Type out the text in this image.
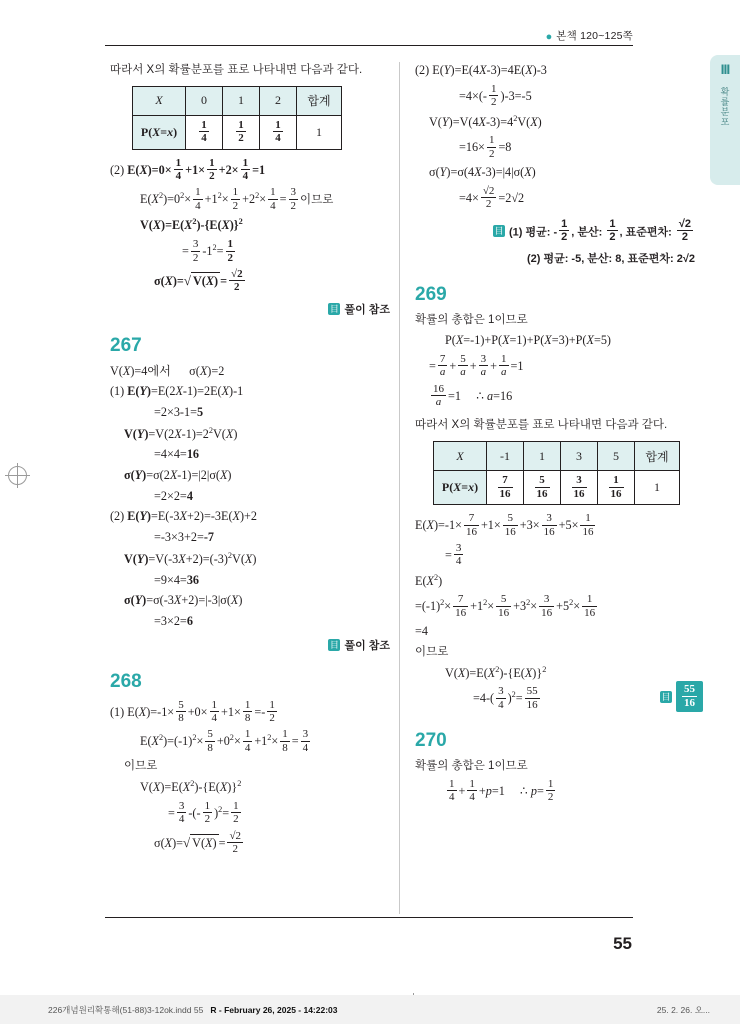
● 본책 120~125쪽
III
확률분포
따라서 X의 확률분포를 표로 나타내면 다음과 같다.
X	0	1	2	합계
P(X=x)	$\frac{1}{4}$	$\frac{1}{2}$	$\frac{1}{4}$	1
(2) $E(X)=0\times \frac{1}{4} +1\times \frac{1}{2} +2\times \frac{1}{4} =1$
$E(X^2)=0^2\times \frac{1}{4} +1^2\times \frac{1}{2} +2^2\times \frac{1}{4} = \frac{3}{2}$ 이므로
$V(X)=E(X^2)-\{E(X)\}^2$
= $\frac{3}{2} -1^2= \frac{1}{2}$
σ(X)=√ $V(X) = \frac{√2}{2}$
目 풀이 참조
267
V(X)=4에서      σ(X)=2
(1) E(Y)=E(2X-1)=2E(X)-1
=2×3-1=5
$V(Y)=V(2X-1)=2^2V(X)$
=4×4=16
σ(Y)=σ(2X-1)=|2|σ(X)
=2×2=4
(2) E(Y)=E(-3X+2)=-3E(X)+2
=-3×3+2=-7
$V(Y)=V(-3X+2)=(-3)^2V(X)$
=9×4=36
σ(Y)=σ(-3X+2)=|-3|σ(X)
=3×2=6
目 풀이 참조
268
(1) $E(X)=-1\times \frac{5}{8} +0\times \frac{1}{4} +1\times \frac{1}{8} =- \frac{1}{2}$
$E(X^2)=(-1)^2\times \frac{5}{8} +0^2\times \frac{1}{4} +1^2\times \frac{1}{8} = \frac{3}{4}$
이므로
$V(X)=E(X^2)-\{E(X)\}^2$
= $\frac{3}{4}$ -(- $\frac{1}{2} )^2= \frac{1}{2}$
σ(X)=√ $V(X) = \frac{√2}{2}$
(2) E(Y)=E(4X-3)=4E(X)-3
$=4\times(- \frac{1}{2} )-3=-5$
$V(Y)=V(4X-3)=4^2V(X)$
$=16\times \frac{1}{2} =8$
σ(Y)=σ(4X-3)=|4|σ(X)
$=4\times \frac{√2}{2} =2√2$
目 (1) 평균: - $\frac{1}{2}$ , 분산: $\frac{1}{2}$ , 표준편차: $\frac{√2}{2}$
(2) 평균: -5, 분산: 8, 표준편차: 2√2
269
확률의 총합은 1이므로
P(X=-1)+P(X=1)+P(X=3)+P(X=5)
= $\frac{7}{a} + \frac{5}{a} + \frac{3}{a} + \frac{1}{a} =1$
$\frac{16}{a} =1$     ∴ a=16
따라서 X의 확률분포를 표로 나타내면 다음과 같다.
X	-1	1	3	5	합계
P(X=x)	$\frac{7}{16}$	$\frac{5}{16}$	$\frac{3}{16}$	$\frac{1}{16}$	1
$E(X)=-1\times \frac{7}{16} +1\times \frac{5}{16} +3\times \frac{3}{16} +5\times \frac{1}{16}$
= $\frac{3}{4}$
$E(X^2)$
$=(-1)^2\times \frac{7}{16} +1^2\times \frac{5}{16} +3^2\times \frac{3}{16} +5^2\times \frac{1}{16}$
=4
이므로
$V(X)=E(X^2)-\{E(X)\}^2$
$=4-( \frac{3}{4} )^2= \frac{55}{16}$	目 $\frac{55}{16}$
270
확률의 총합은 1이므로
$\frac{1}{4} + \frac{1}{4} +p=1$     ∴ $p= \frac{1}{2}$
55
226개념원리확통해(51-88)3-12ok.indd 55 R - February 26, 2025 - 14:22:03	25. 2. 26. 오...
